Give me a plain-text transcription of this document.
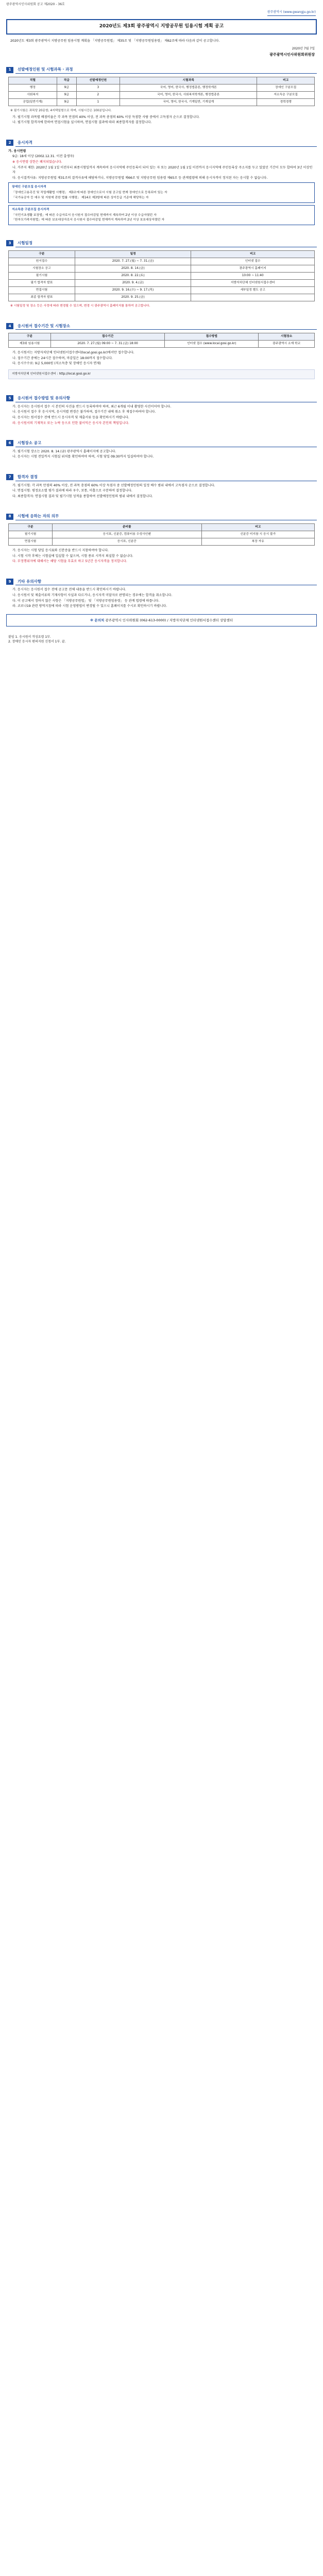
광주광역시인사위원회 공고 제2020 - 36호
광주광역시 (www.gwangju.go.kr)
2020년도 제3회 광주광역시 지방공무원 임용시험 계획 공고

2020년도 제3회 광주광역시 지방공무원 임용시험 계획을 「지방공무원법」 제35조 및 「지방공무원임용령」 제62조에 따라 다음과 같이 공고합니다.

2020년 7월 7일
광주광역시인사위원회위원장
1	선발예정인원 및 시험과목 · 과정
직렬	직급	선발예정인원	시험과목	비고
행정	9급	3	국어, 영어, 한국사, 행정법총론, 행정학개론	장애인 구분모집
사회복지	9급	2	국어, 영어, 한국사, 사회복지학개론, 행정법총론	저소득층 구분모집
공업(일반기계)	9급	1	국어, 영어, 한국사, 기계일반, 기계설계	경력경쟁
※ 필기시험은 과목당 20문항, 4지택일형으로 하며, 시험시간은 100분입니다.

가. 필기시험 과목별 배점비율은 각 과목 만점의 40% 이상, 전 과목 총점의 60% 이상 득점한 사람 중에서 고득점자 순으로 결정합니다.

나. 필기시험 합격자에 한하여 면접시험을 실시하며, 면접시험 결과에 따라 최종합격자를 결정합니다.

2	응시자격
가. 응시연령

9급: 18세 이상 (2002.12.31. 이전 출생자)

※ 응시연령 상한은 폐지되었습니다.

나. 거주지 제한: 2020년 1월 1일 이전부터 최종시험일까지 계속하여 응시지역에 주민등록이 되어 있는 자 또는 2020년 1월 1일 이전까지 응시지역에 주민등록상 주소지를 두고 있었던 기간이 모두 합하여 3년 이상인 자

다. 응시결격사유: 지방공무원법 제31조의 결격사유에 해당하거나, 지방공무원법 제66조 및 지방공무원 임용령 제65조 등 관계법령에 의해 응시자격이 정지된 자는 응시할 수 없습니다.

장애인 구분모집 응시자격
「장애인고용촉진 및 직업재활법 시행령」 제3조에 따른 장애인으로서 시험 공고일 현재 장애인으로 등록되어 있는 자
「국가유공자 등 예우 및 지원에 관한 법률 시행령」 제14조 제3항에 따른 상이등급 기준에 해당하는 자
저소득층 구분모집 응시자격
「국민기초생활 보장법」에 따른 수급자로서 응시원서 접수마감일 현재까지 계속하여 2년 이상 수급자였던 자
「한부모가족지원법」에 따른 보호대상자로서 응시원서 접수마감일 현재까지 계속하여 2년 이상 보호대상자였던 자
3	시험일정
구분	일정	비고
원서접수	2020. 7. 27.(월) ~ 7. 31.(금)	인터넷 접수
시험장소 공고	2020. 8. 14.(금)	광주광역시 홈페이지
필기시험	2020. 8. 22.(토)	10:00 ~ 11:40
필기 합격자 발표	2020. 9. 4.(금)	지방자치단체 인터넷원서접수센터
면접시험	2020. 9. 16.(수) ~ 9. 17.(목)	세부일정 별도 공고
최종 합격자 발표	2020. 9. 25.(금)	
※ 시험일정 및 장소 등은 사정에 따라 변경될 수 있으며, 변경 시 광주광역시 홈페이지를 통하여 공고합니다.
4	응시원서 접수기간 및 시험장소
구분	접수기간	접수방법	시험장소
제3회 임용시험	2020. 7. 27.(월) 09:00 ~ 7. 31.(금) 18:00	인터넷 접수 (www.local.gosi.go.kr)	광주광역시 소재 학교

가. 응시원서는 지방자치단체 인터넷원서접수센터(local.gosi.go.kr)에서만 접수합니다.

나. 접수기간 중에는 24시간 접수하며, 마감일은 18:00까지 접수합니다.

다. 응시수수료: 9급 5,000원 (저소득층 및 장애인 응시자 면제)

지방자치단체 인터넷원서접수센터 : http://local.gosi.go.kr
5	응시원서 접수방법 및 유의사항

가. 응시자는 응시원서 접수 시 본인의 사진을 반드시 등록하여야 하며, 최근 6개월 이내 촬영한 사진이어야 합니다.

나. 응시원서 접수 후 응시지역, 응시직렬 변경은 불가하며, 접수기간 내에 취소 후 재접수하여야 합니다.

다. 응시자는 원서접수 전에 반드시 응시자격 및 제출서류 등을 확인하시기 바랍니다.

라. 응시원서의 기재착오 또는 누락 등으로 인한 불이익은 응시자 본인의 책임입니다.

6	시험장소 공고

가. 필기시험 장소는 2020. 8. 14.(금) 광주광역시 홈페이지에 공고합니다.

나. 응시자는 시험 전일까지 시험실 위치를 확인하여야 하며, 시험 당일 09:30까지 입실하여야 합니다.

7	합격자 결정

가. 필기시험: 각 과목 만점의 40% 이상, 전 과목 총점의 60% 이상 득점자 중 선발예정인원의 일정 배수 범위 내에서 고득점자 순으로 결정합니다.

나. 면접시험: 평정요소별 평가 결과에 따라 우수, 보통, 미흡으로 구분하여 결정합니다.

다. 최종합격자: 면접시험 결과 및 필기시험 성적을 종합하여 선발예정인원의 범위 내에서 결정합니다.

8	시험에 응하는 자의 의무
구분	준비물	비고
필기시험	응시표, 신분증, 컴퓨터용 수성사인펜	신분증 미지참 시 응시 불가
면접시험	응시표, 신분증	복장 자유

가. 응시자는 시험 당일 응시표와 신분증을 반드시 지참하여야 합니다.

나. 시험 시작 후에는 시험실에 입실할 수 없으며, 시험 종료 시까지 퇴실할 수 없습니다.

다. 부정행위자에 대해서는 해당 시험을 무효로 하고 5년간 응시자격을 정지합니다.

9	기타 유의사항

가. 응시자는 응시원서 접수 전에 공고문 전체 내용을 반드시 확인하시기 바랍니다.

나. 응시원서 및 제출서류의 기재사항이 사실과 다르거나, 응시자격 미달자로 판명되는 경우에는 합격을 취소합니다.

다. 이 공고에서 정하지 않은 사항은 「지방공무원법」 및 「지방공무원임용령」 등 관계 법령에 따릅니다.

라. 코로나19 관련 방역지침에 따라 시험 운영방법이 변경될 수 있으니 홈페이지를 수시로 확인하시기 바랍니다.

※ 문의처 광주광역시 인사위원회 (062-613-0000) / 지방자치단체 인터넷원서접수센터 상담센터
붙임 1. 응시원서 작성요령 1부.
2. 장애인 응시자 편의지원 신청서 1부. 끝.
